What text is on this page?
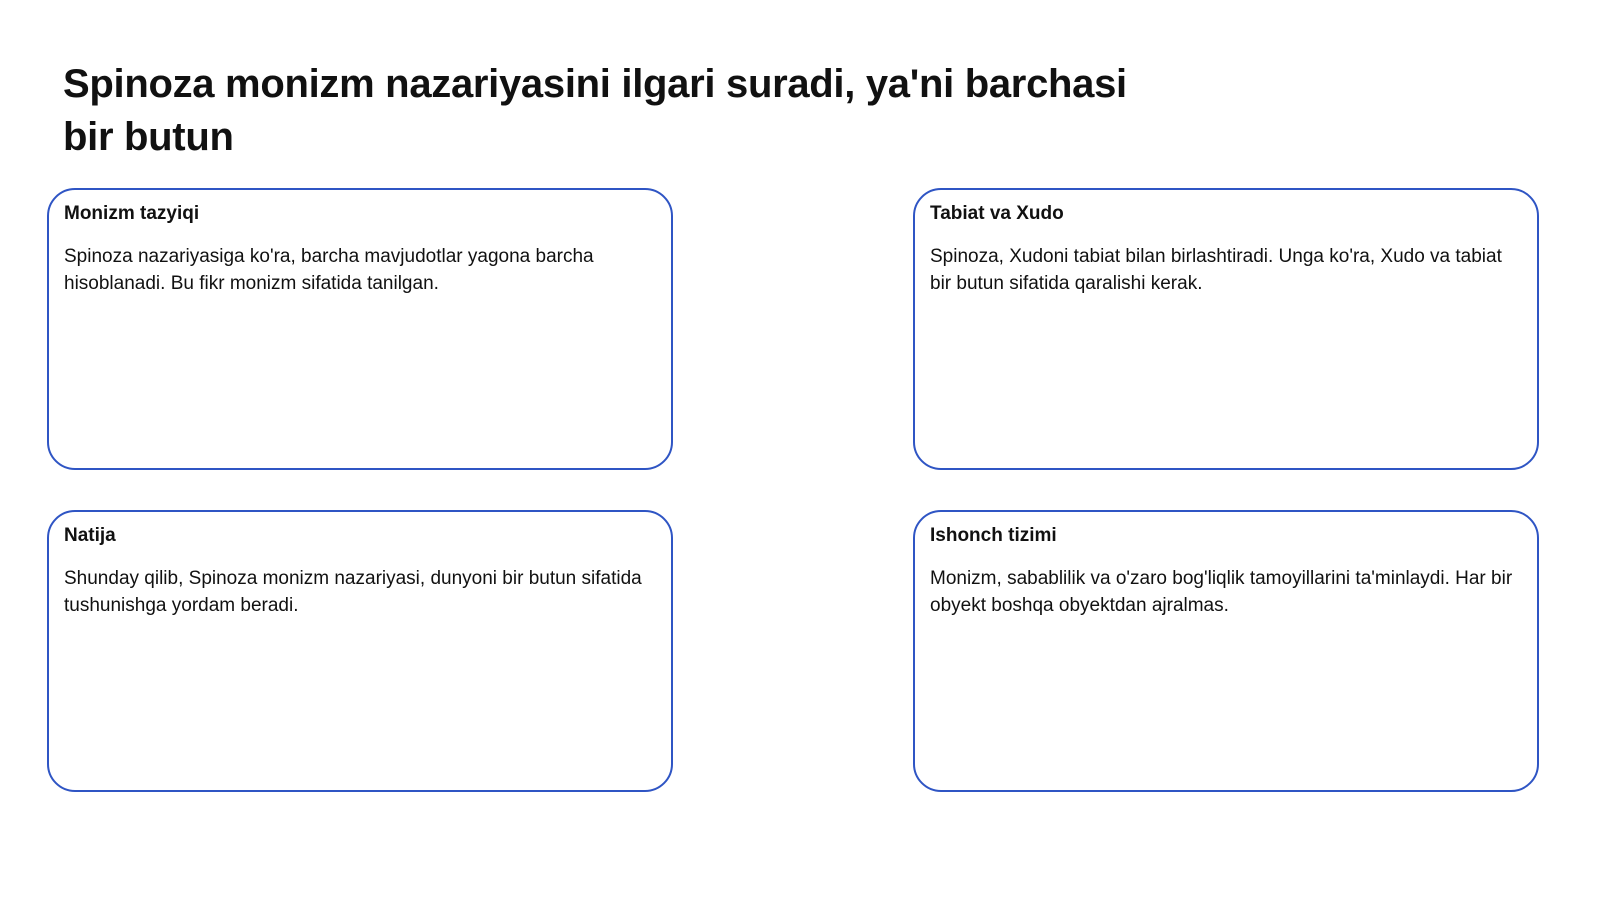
Spinoza monizm nazariyasini ilgari suradi, ya'ni barchasi bir butun
Monizm tazyiqi
Spinoza nazariyasiga ko'ra, barcha mavjudotlar yagona barcha hisoblanadi. Bu fikr monizm sifatida tanilgan.
Tabiat va Xudo
Spinoza, Xudoni tabiat bilan birlashtiradi. Unga ko'ra, Xudo va tabiat bir butun sifatida qaralishi kerak.
Natija
Shunday qilib, Spinoza monizm nazariyasi, dunyoni bir butun sifatida tushunishga yordam beradi.
Ishonch tizimi
Monizm, sabablilik va o'zaro bog'liqlik tamoyillarini ta'minlaydi. Har bir obyekt boshqa obyektdan ajralmas.
